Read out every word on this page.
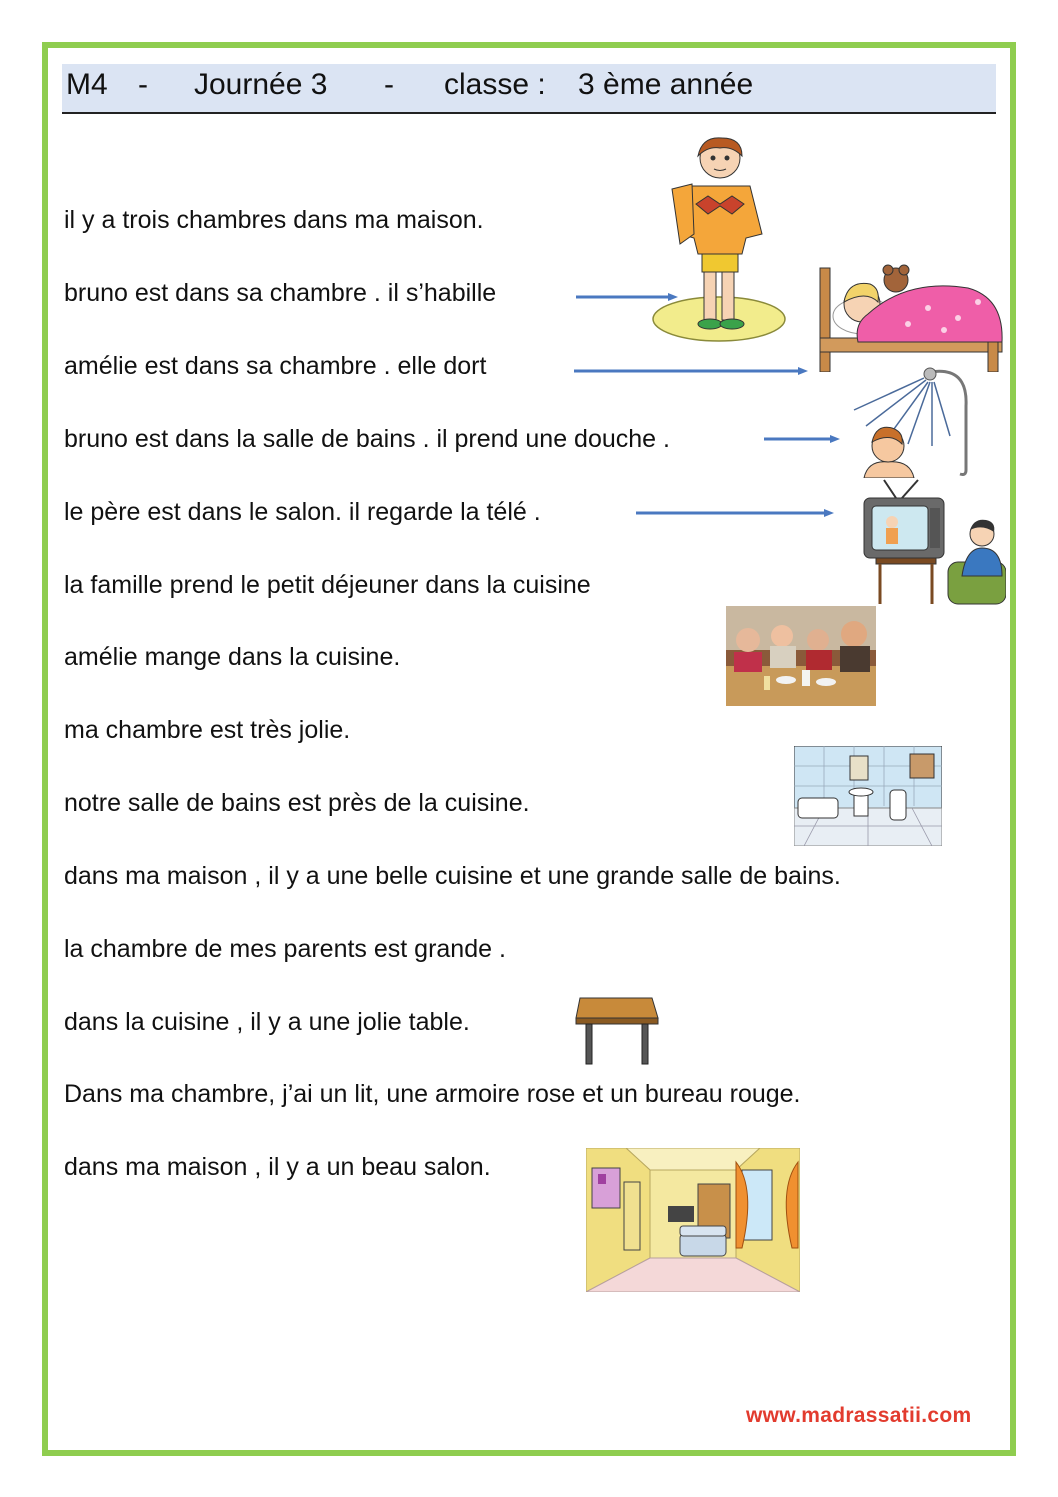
M4 - Journée 3 - classe : 3 ème année
il y a trois chambres dans ma maison.
bruno est dans sa chambre . il s’habille
amélie est dans sa chambre . elle dort
bruno est dans la salle de bains . il prend une douche .
le père est dans le salon. il regarde la télé .
la famille prend le petit déjeuner dans la cuisine
amélie mange dans la cuisine.
ma chambre est très jolie.
notre salle de bains est près de la cuisine.
dans ma maison , il y a une belle cuisine et une grande salle de bains.
la chambre de mes parents est grande .
dans la cuisine , il y a une jolie table.
Dans ma chambre, j’ai un lit, une armoire rose et un bureau rouge.
dans ma maison , il y a un beau salon.
www.madrassatii.com
